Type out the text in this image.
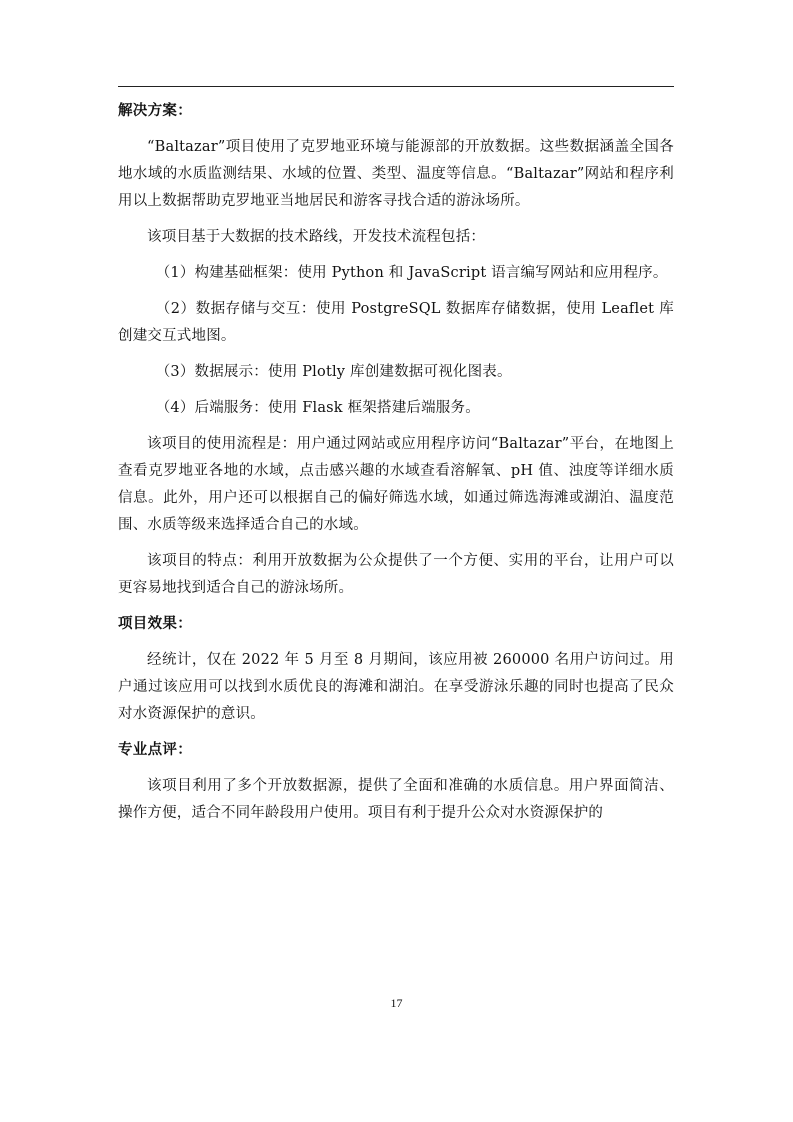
解决方案：

“Baltazar”项目使用了克罗地亚环境与能源部的开放数据。这些数据涵盖全国各地水域的水质监测结果、水域的位置、类型、温度等信息。“Baltazar”网站和程序利用以上数据帮助克罗地亚当地居民和游客寻找合适的游泳场所。

该项目基于大数据的技术路线，开发技术流程包括：

（1）构建基础框架：使用 Python 和 JavaScript 语言编写网站和应用程序。

（2）数据存储与交互：使用 PostgreSQL 数据库存储数据，使用 Leaflet 库创建交互式地图。

（3）数据展示：使用 Plotly 库创建数据可视化图表。

（4）后端服务：使用 Flask 框架搭建后端服务。

该项目的使用流程是：用户通过网站或应用程序访问“Baltazar”平台，在地图上查看克罗地亚各地的水域，点击感兴趣的水域查看溶解氧、pH 值、浊度等详细水质信息。此外，用户还可以根据自己的偏好筛选水域，如通过筛选海滩或湖泊、温度范围、水质等级来选择适合自己的水域。

该项目的特点：利用开放数据为公众提供了一个方便、实用的平台，让用户可以更容易地找到适合自己的游泳场所。

项目效果：

经统计，仅在 2022 年 5 月至 8 月期间，该应用被 260000 名用户访问过。用户通过该应用可以找到水质优良的海滩和湖泊。在享受游泳乐趣的同时也提高了民众对水资源保护的意识。

专业点评：

该项目利用了多个开放数据源，提供了全面和准确的水质信息。用户界面简洁、操作方便，适合不同年龄段用户使用。项目有利于提升公众对水资源保护的

17
